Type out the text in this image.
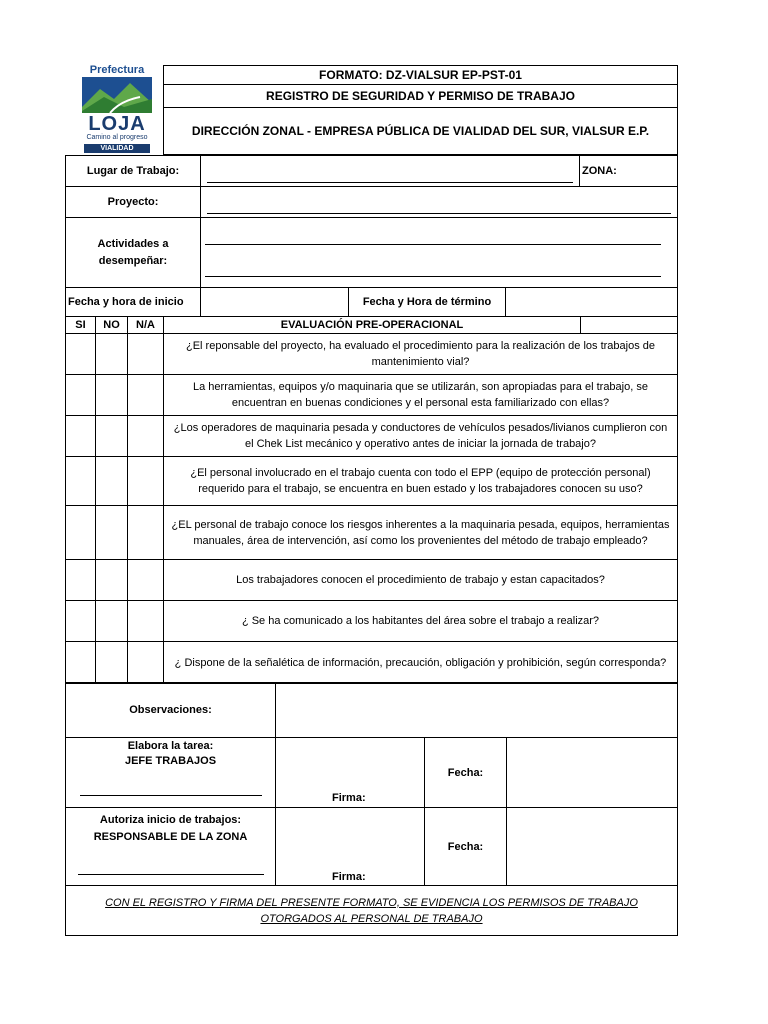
Prefectura
LOJA
Camino al progreso
VIALIDAD
FORMATO: DZ-VIALSUR EP-PST-01
REGISTRO DE SEGURIDAD Y PERMISO DE TRABAJO
DIRECCIÓN ZONAL - EMPRESA PÚBLICA DE VIALIDAD DEL SUR, VIALSUR E.P.
Lugar de Trabajo:	ZONA:
Proyecto:
Actividades a
desempeñar:
Fecha y hora de inicio	Fecha y Hora de término
SI NO N/A	EVALUACIÓN PRE-OPERACIONAL
¿El reponsable del proyecto, ha evaluado el procedimiento para la realización de los trabajos de mantenimiento vial?
La herramientas, equipos y/o maquinaria que se utilizarán, son apropiadas para el trabajo, se encuentran en buenas condiciones y el personal esta familiarizado con ellas?
¿Los operadores de maquinaria pesada y conductores de vehículos pesados/livianos cumplieron con el Chek List mecánico y operativo antes de iniciar la jornada de trabajo?
¿El personal involucrado en el trabajo cuenta con todo el EPP (equipo de protección personal) requerido para el trabajo, se encuentra en buen estado y los trabajadores conocen su uso?
¿EL personal de trabajo conoce los riesgos inherentes a la maquinaria pesada, equipos, herramientas manuales, área de intervención, así como los provenientes del método de trabajo empleado?
Los trabajadores conocen el procedimiento de trabajo y estan capacitados?
¿ Se ha comunicado a los habitantes del área sobre el trabajo a realizar?
¿ Dispone de la señalética de información, precaución, obligación y prohibición, según corresponda?
Observaciones:
Elabora la tarea:
JEFE TRABAJOS
Firma:
Fecha:
Autoriza inicio de trabajos:
RESPONSABLE DE LA ZONA
Firma:
Fecha:
CON EL REGISTRO Y FIRMA DEL PRESENTE FORMATO, SE EVIDENCIA LOS PERMISOS DE TRABAJO OTORGADOS AL PERSONAL DE TRABAJO
